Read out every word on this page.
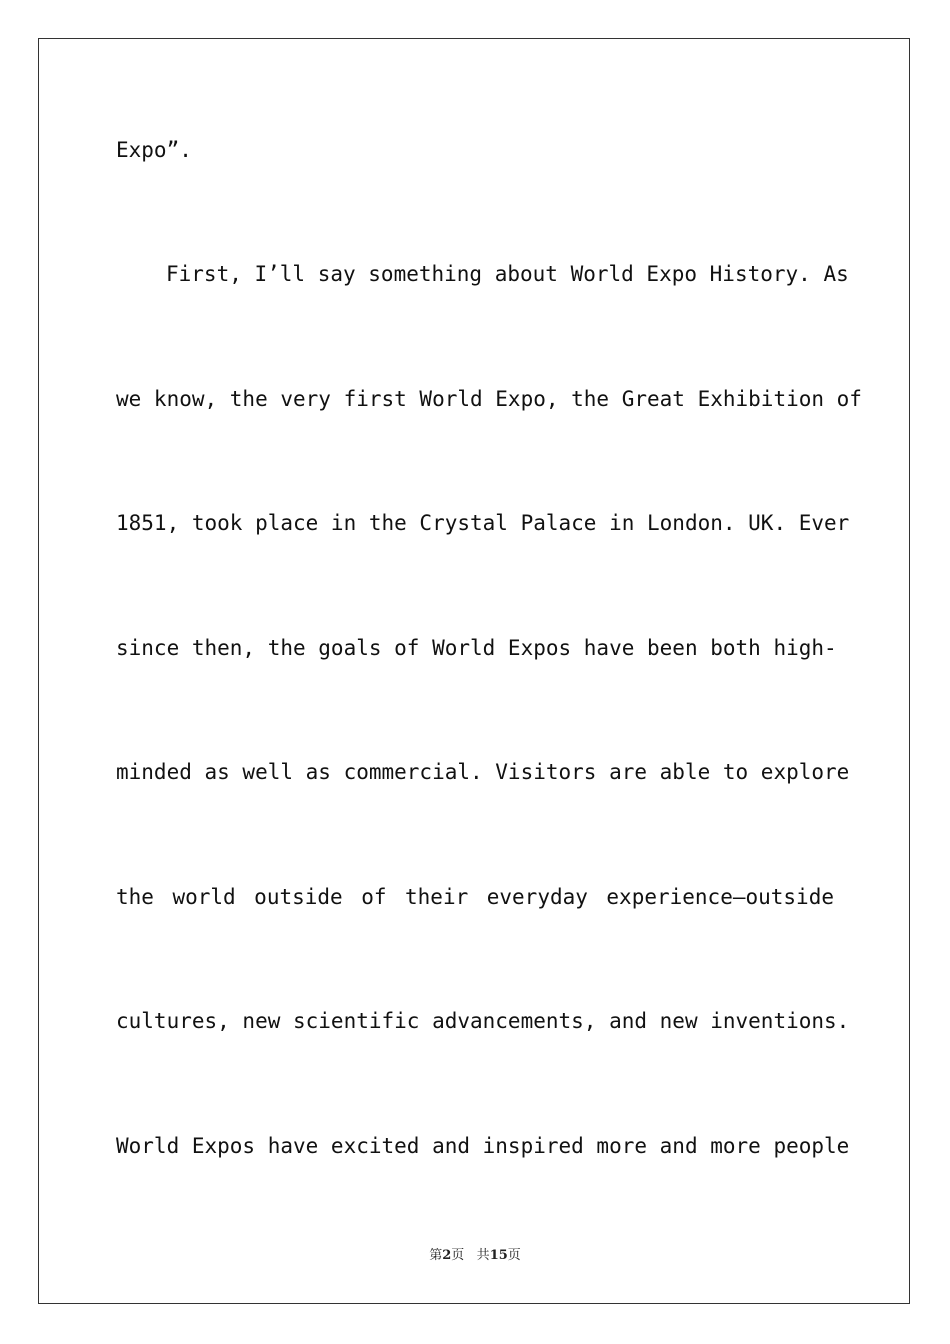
Expo”.
First, I’ll say something about World Expo History. As
we know, the very first World Expo, the Great Exhibition of
1851, took place in the Crystal Palace in London. UK. Ever
since then, the goals of World Expos have been both high-
minded as well as commercial. Visitors are able to explore
the world outside of their everyday experience—outside
cultures, new scientific advancements, and new inventions.
World Expos have excited and inspired more and more people
第2页 共15页
